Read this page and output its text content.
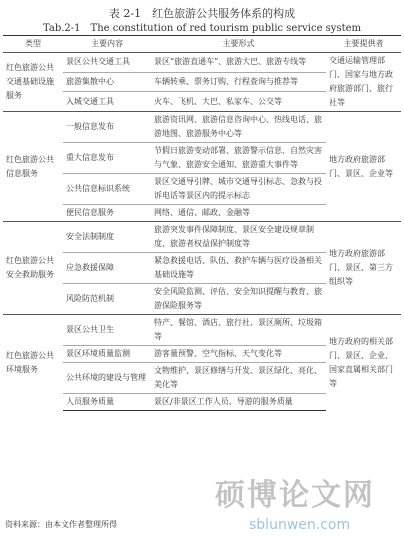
表 2-1　红色旅游公共服务体系的构成
Tab.2-1　The constitution of red tourism public service system
类型	主要内容	主要形式	主要提供者
红色旅游公共交通基础设施服务	景区公共交通工具	景区“旅游直通车”、旅游大巴、旅游专线等	交通运输管理部门、国家与地方政府旅游部门、旅行社等
	旅游集散中心	车辆转乘、票务订购、行程查询与推荐等	
	入城交通工具	火车、飞机、大巴、私家车、公交等	
红色旅游公共信息服务	一般信息发布	旅游资讯网、旅游信息咨询中心、热线电话、旅游地图、旅游服务中心等	地方政府旅游部门、景区、企业等
	重大信息发布	节假日旅游变动部署、旅游警示信息、自然灾害与气象、旅游安全通知、旅游重大事件等	
	公共信息标识系统	景区交通导引牌、城市交通导引标志、急救与投诉电话等景区内的提示标志	
	便民信息服务	网络、通信、邮政、金融等	
红色旅游公共安全救助服务	安全法制制度	旅游突发事件保障制度、景区安全建设规章制度、旅游者权益保护制度等	地方政府旅游部门、景区、第三方组织等
	应急救援保障	紧急救援电话、队伍、救护车辆与医疗设备相关基础设施等	
	风险防范机制	安全风险监测、评估、安全知识提醒与教育、旅游保险服务等	
红色旅游公共环境服务	景区公共卫生	特产、餐馆、酒店、旅行社、景区厕所、垃圾箱等	地方政府的相关部门、景区、企业、国家直属相关部门等
	景区环境质量监测	游客量预警、空气指标、天气变化等	
	公共环境的建设与管理	文物维护、景区修缮与开发、景区绿化、亮化、美化等	
	人员服务质量	景区/非景区工作人员、导游的服务质量	
资料来源：由本文作者整理所得
硕博论文网
sblunwen.com
